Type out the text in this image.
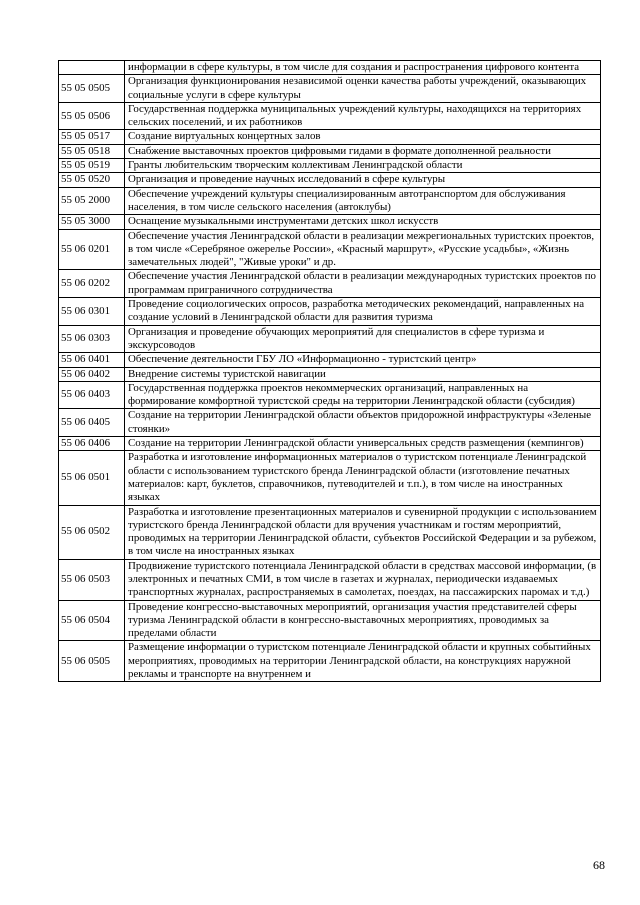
	информации в сфере культуры, в том числе для создания и распространения цифрового контента
55 05 0505	Организация функционирования независимой оценки качества работы учреждений, оказывающих социальные услуги в сфере культуры
55 05 0506	Государственная поддержка муниципальных учреждений культуры, находящихся на территориях сельских поселений, и их работников
55 05 0517	Создание виртуальных концертных залов
55 05 0518	Снабжение выставочных проектов цифровыми гидами в формате дополненной реальности
55 05 0519	Гранты любительским творческим коллективам Ленинградской области
55 05 0520	Организация и проведение научных исследований в сфере культуры
55 05 2000	Обеспечение учреждений культуры специализированным автотранспортом для обслуживания населения, в том числе сельского населения (автоклубы)
55 05 3000	Оснащение музыкальными инструментами детских школ искусств
55 06 0201	Обеспечение участия Ленинградской области в реализации межрегиональных туристских проектов, в том числе «Серебряное ожерелье России», «Красный маршрут», «Русские усадьбы», «Жизнь замечательных людей", "Живые уроки" и др.
55 06 0202	Обеспечение участия Ленинградской области в реализации международных туристских проектов по программам приграничного сотрудничества
55 06 0301	Проведение социологических опросов, разработка методических рекомендаций, направленных на создание условий в Ленинградской области для развития туризма
55 06 0303	Организация и проведение обучающих мероприятий для специалистов в сфере туризма и экскурсоводов
55 06 0401	Обеспечение деятельности ГБУ ЛО «Информационно - туристский центр»
55 06 0402	Внедрение системы туристской навигации
55 06 0403	Государственная поддержка проектов некоммерческих организаций, направленных на формирование комфортной туристской среды на территории Ленинградской области (субсидия)
55 06 0405	Создание на территории Ленинградской области объектов придорожной инфраструктуры «Зеленые стоянки»
55 06 0406	Создание на территории Ленинградской области универсальных средств размещения (кемпингов)
55 06 0501	Разработка и изготовление информационных материалов о туристском потенциале Ленинградской области с использованием туристского бренда Ленинградской области (изготовление печатных материалов: карт, буклетов, справочников, путеводителей и т.п.), в том числе на иностранных языках
55 06 0502	Разработка и изготовление презентационных материалов и сувенирной продукции с использованием туристского бренда Ленинградской области для вручения участникам и гостям мероприятий, проводимых на территории Ленинградской области, субъектов Российской Федерации и за рубежом, в том числе на иностранных языках
55 06 0503	Продвижение туристского потенциала Ленинградской области в средствах массовой информации, (в электронных и печатных СМИ, в том числе в газетах и журналах, периодически издаваемых транспортных журналах, распространяемых в самолетах, поездах, на пассажирских паромах и т.д.)
55 06 0504	Проведение конгрессно-выставочных мероприятий, организация участия представителей сферы туризма Ленинградской области в конгрессно-выставочных мероприятиях, проводимых за пределами области
55 06 0505	Размещение информации о туристском потенциале Ленинградской области и крупных событийных мероприятиях, проводимых на территории Ленинградской области, на конструкциях наружной рекламы и транспорте на внутреннем и
68
